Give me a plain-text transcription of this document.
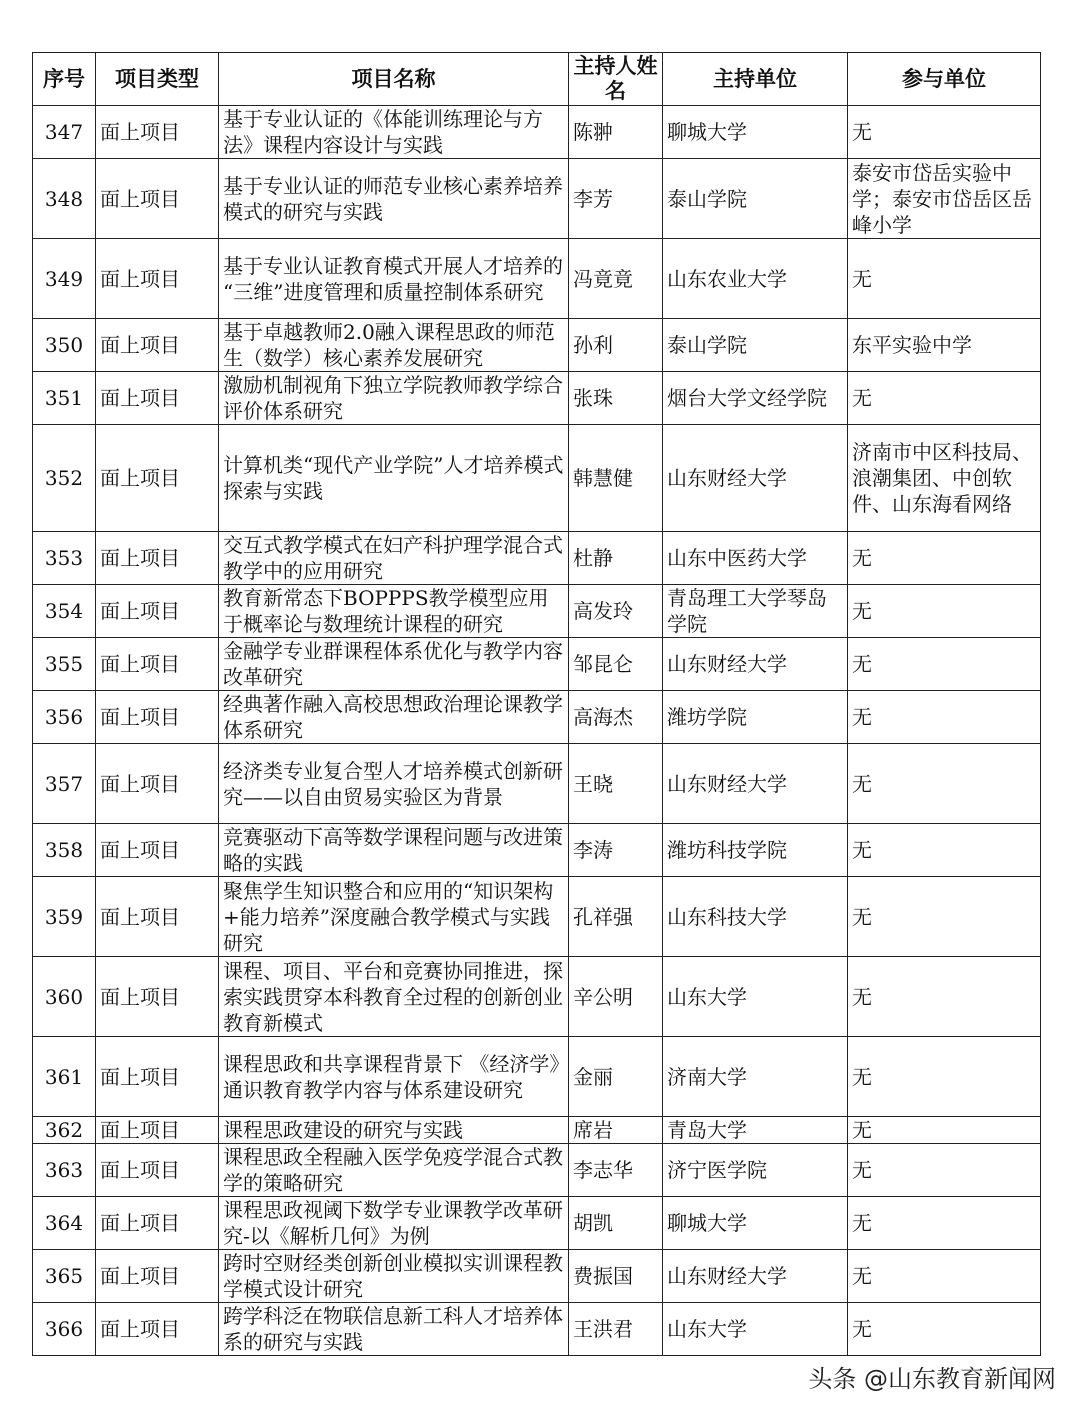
序号	项目类型	项目名称	主持人姓名	主持单位	参与单位
347	面上项目	基于专业认证的《体能训练理论与方法》课程内容设计与实践	陈翀	聊城大学	无
348	面上项目	基于专业认证的师范专业核心素养培养模式的研究与实践	李芳	泰山学院	泰安市岱岳实验中学；泰安市岱岳区岳峰小学
349	面上项目	基于专业认证教育模式开展人才培养的 “三维”进度管理和质量控制体系研究	冯竟竟	山东农业大学	无
350	面上项目	基于卓越教师2.0融入课程思政的师范生（数学）核心素养发展研究	孙利	泰山学院	东平实验中学
351	面上项目	激励机制视角下独立学院教师教学综合评价体系研究	张珠	烟台大学文经学院	无
352	面上项目	计算机类“现代产业学院”人才培养模式探索与实践	韩慧健	山东财经大学	济南市中区科技局、浪潮集团、中创软件、山东海看网络
353	面上项目	交互式教学模式在妇产科护理学混合式教学中的应用研究	杜静	山东中医药大学	无
354	面上项目	教育新常态下BOPPPS教学模型应用于概率论与数理统计课程的研究	高发玲	青岛理工大学琴岛学院	无
355	面上项目	金融学专业群课程体系优化与教学内容改革研究	邹昆仑	山东财经大学	无
356	面上项目	经典著作融入高校思想政治理论课教学体系研究	高海杰	潍坊学院	无
357	面上项目	经济类专业复合型人才培养模式创新研究——以自由贸易实验区为背景	王晓	山东财经大学	无
358	面上项目	竞赛驱动下高等数学课程问题与改进策略的实践	李涛	潍坊科技学院	无
359	面上项目	聚焦学生知识整合和应用的“知识架构+能力培养”深度融合教学模式与实践研究	孔祥强	山东科技大学	无
360	面上项目	课程、项目、平台和竞赛协同推进，探索实践贯穿本科教育全过程的创新创业教育新模式	辛公明	山东大学	无
361	面上项目	课程思政和共享课程背景下 《经济学》通识教育教学内容与体系建设研究	金丽	济南大学	无
362	面上项目	课程思政建设的研究与实践	席岩	青岛大学	无
363	面上项目	课程思政全程融入医学免疫学混合式教学的策略研究	李志华	济宁医学院	无
364	面上项目	课程思政视阈下数学专业课教学改革研究-以《解析几何》为例	胡凯	聊城大学	无
365	面上项目	跨时空财经类创新创业模拟实训课程教学模式设计研究	费振国	山东财经大学	无
366	面上项目	跨学科泛在物联信息新工科人才培养体系的研究与实践	王洪君	山东大学	无
头条 @山东教育新闻网
